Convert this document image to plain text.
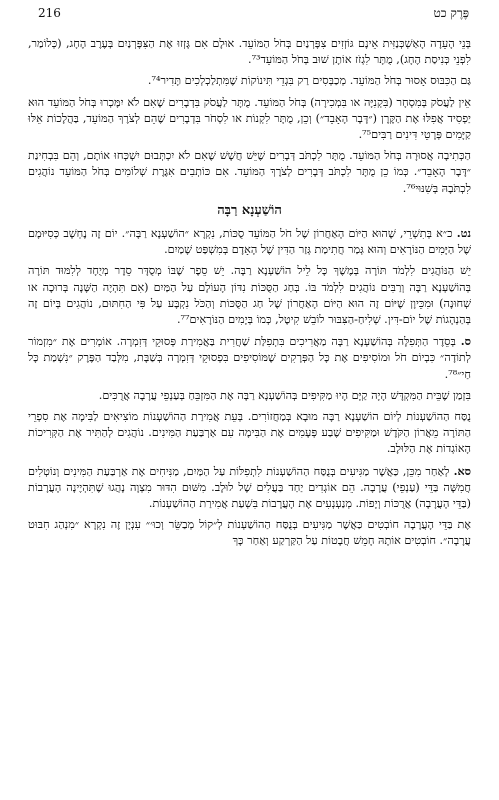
216	פֶּרֶק כט

בְּנֵי הָעֵדָה הָאַשְׁכְּנַזִּית אֵינָם גּוֹזְזִים צִפָּרְנַיִם בְּחֹל הַמּוֹעֵד. אוּלָם אִם גָּזְזוּ אֶת הַצִּפָּרְנַיִם בְּעֶרֶב הֶחָג, (כְּלוֹמַר, לִפְנֵי כְּנִיסַת הֶחָג), מֻתָּר לִגְזֹז אוֹתָן שׁוּב בְּחֹל הַמּוֹעֵד⁷³.

גַּם הַכִּבּוּס אָסוּר בְּחֹל הַמּוֹעֵד. מְכַבְּסִים רַק בִּגְדֵי תִּינוֹקוֹת שֶׁמִּתְלַכְלְכִים תָּדִיר⁷⁴.

אֵין לַעֲסֹק בְּמִסְחָר (בִּקְנִיָּה או בִּמְכִירָה) בְּחֹל הַמּוֹעֵד. מֻתָּר לַעֲסֹק בִּדְבָרִים שֶׁאִם לֹא יִמָּכְרוּ בְּחֹל הַמּוֹעֵד הוּא יַפְסִיד אֲפִלּוּ אֶת הַקֶּרֶן (״דָּבָר הָאָבֵד״) וְכֵן, מֻתָּר לִקְנוֹת או לִסְחֹר בִּדְבָרִים שֶׁהֵם לְצֹרֶךְ הַמּוֹעֵד, בַּהֲלָכוֹת אֵלּוּ קַיָּמִים פְּרָטֵי דִּינִים רַבִּים⁷⁵.

הַכְּתִיבָה אֲסוּרָה בְּחֹל הַמּוֹעֵד. מֻתָּר לִכְתֹּב דְּבָרִים שֶׁיֵּשׁ חֲשָׁשׁ שֶׁאִם לֹא יִכְתְּבוּם יִשְׁכְּחוּ אוֹתָם, וְהֵם בִּבְחִינַת ״דָּבָר הָאָבֵד״. כְּמוֹ כֵן מֻתָּר לִכְתֹּב דְּבָרִים לְצֹרֶךְ הַמּוֹעֵד. אִם כּוֹתְבִים אִגֶּרֶת שְׁלוֹמִים בְּחֹל הַמּוֹעֵד נוֹהֲגִים לִכְתֹּבָהּ בְּשִׁנּוּי⁷⁶.

הוֹשַׁעְנָא רַבָּה

נט. כ״א בְּתִשְׁרֵי, שֶׁהוּא הַיּוֹם הָאַחֲרוֹן שֶׁל חֹל הַמּוֹעֵד סֻכּוֹת, נִקְרָא ״הוֹשַׁעְנָא רַבָּה״. יוֹם זֶה נֶחְשָׁב כְּסִיּוּמָם שֶׁל הַיָּמִים הַנּוֹרָאִים וְהוּא גְּמַר חֲתִימַת גְּזַר הַדִּין שֶׁל הָאָדָם בְּמִשְׁפַּט שָׁמַיִם.

יֵשׁ הַנּוֹהֲגִים לִלְמֹד תּוֹרָה בְּמֶשֶׁךְ כָּל לֵיל הוֹשַׁעְנָא רַבָּה. יֵשׁ סֵפֶר שֶׁבּוֹ מְסֻדָּר סֵדֶר מְיֻחָד לְלִמּוּד תּוֹרָה בְּהוֹשַׁעְנָא רַבָּה וְרַבִּים נוֹהֲגִים לִלְמֹד בּוֹ. בְּחַג הַסֻּכּוֹת נִדּוֹן הָעוֹלָם עַל הַמַּיִם (אִם תִּהְיֶה הַשָּׁנָה בְּרוּכָה או שְׁחוּנָה) וּמִכֵּיוָן שֶׁיּוֹם זֶה הוּא הַיּוֹם הָאַחֲרוֹן שֶׁל חַג הַסֻּכּוֹת וְהַכֹּל נִקְבָּע עַל פִּי הַחִתּוּם, נוֹהֲגִים בְּיוֹם זֶה בְּהַנְהָגוֹת שֶׁל יוֹם-דִּין. שְׁלִיחַ-הַצִּבּוּר לוֹבֵשׁ קִיטֶל, כְּמוֹ בְּיָמִים הַנּוֹרָאִים⁷⁷.

ס. בְּסֵדֶר הַתְּפִלָּה בְּהוֹשַׁעְנָא רַבָּה מַאֲרִיכִים בִּתְפִלַּת שַׁחֲרִית בַּאֲמִירַת פְּסוּקֵי דְּזִמְרָה. אוֹמְרִים אֶת ״מִזְמוֹר לְתוֹדָה״ כִּבְיוֹם חֹל וּמוֹסִיפִים אֶת כָּל הַפְּרָקִים שֶׁמּוֹסִיפִים בִּפְסוּקֵי דְּזִמְרָה בְּשַׁבָּת, מִלְּבַד הַפֶּרֶק ״נִשְׁמַת כָּל חַי״⁷⁸.

בִּזְמַן שֶׁבֵּית הַמִּקְדָּשׁ הָיָה קַיָּם הָיוּ מַקִּיפִים בְּהוֹשַׁעְנָא רַבָּה אֶת הַמִּזְבֵּחַ בְּעַנְפֵי עֲרָבָה אֲרֻכִּים.

נֻסַּח הַהוֹשַׁעְנוֹת לְיוֹם הוֹשַׁעְנָא רַבָּה מוּבָא בְּמַחֲזוֹרִים. בְּעֵת אֲמִירַת הַהוֹשַׁעְנוֹת מוֹצִיאִים לַבִּימָה אֶת סִפְרֵי הַתּוֹרָה מֵאֲרוֹן הַקֹּדֶשׁ וּמַקִּיפִים שֶׁבַע פְּעָמִים אֶת הַבִּימָה עִם אַרְבַּעַת הַמִּינִים. נוֹהֲגִים לְהַתִּיר אֶת הַקְּרִיכוֹת הָאוֹגְדוֹת אֶת הַלּוּלָב.

סא. לְאַחַר מִכֵּן, כַּאֲשֶׁר מַגִּיעִים בְּנֻסַּח הַהוֹשַׁעְנוֹת לִתְפִלּוֹת עַל הַמַּיִם, מַנִּיחִים אֶת אַרְבַּעַת הַמִּינִים וְנוֹטְלִים חֲמִשָּׁה בַּדֵּי (עַנְפֵי) עֲרָבָה. הֵם אוֹגְדִים יַחַד בַּעֲלִים שֶׁל לוּלָב. מִשּׁוּם הִדּוּר מִצְוָה נָהֲגוּ שֶׁתִּהְיֶינָה הָעֲרָבוֹת (בַּדֵּי הָעֲרָבָה) אֲרֻכּוֹת וְיָפוֹת. מְנַעְנְעִים אֶת הָעֲרָבוֹת בִּשְׁעַת אֲמִירַת הַהוֹשַׁעְנוֹת.

אֶת בַּדֵּי הָעֲרָבָה חוֹבְטִים כַּאֲשֶׁר מַגִּיעִים בְּנֻסַּח הַהוֹשַׁעְנוֹת לְ״קוֹל מְבַשֵּׂר וְכוּ׳״ עִנְיָן זֶה נִקְרָא ״מִנְהַג חִבּוּט עֲרָבָה״. חוֹבְטִים אוֹתָהּ חָמֵשׁ חֲבָטוֹת עַל הַקַּרְקַע וְאַחַר כָּךְ
